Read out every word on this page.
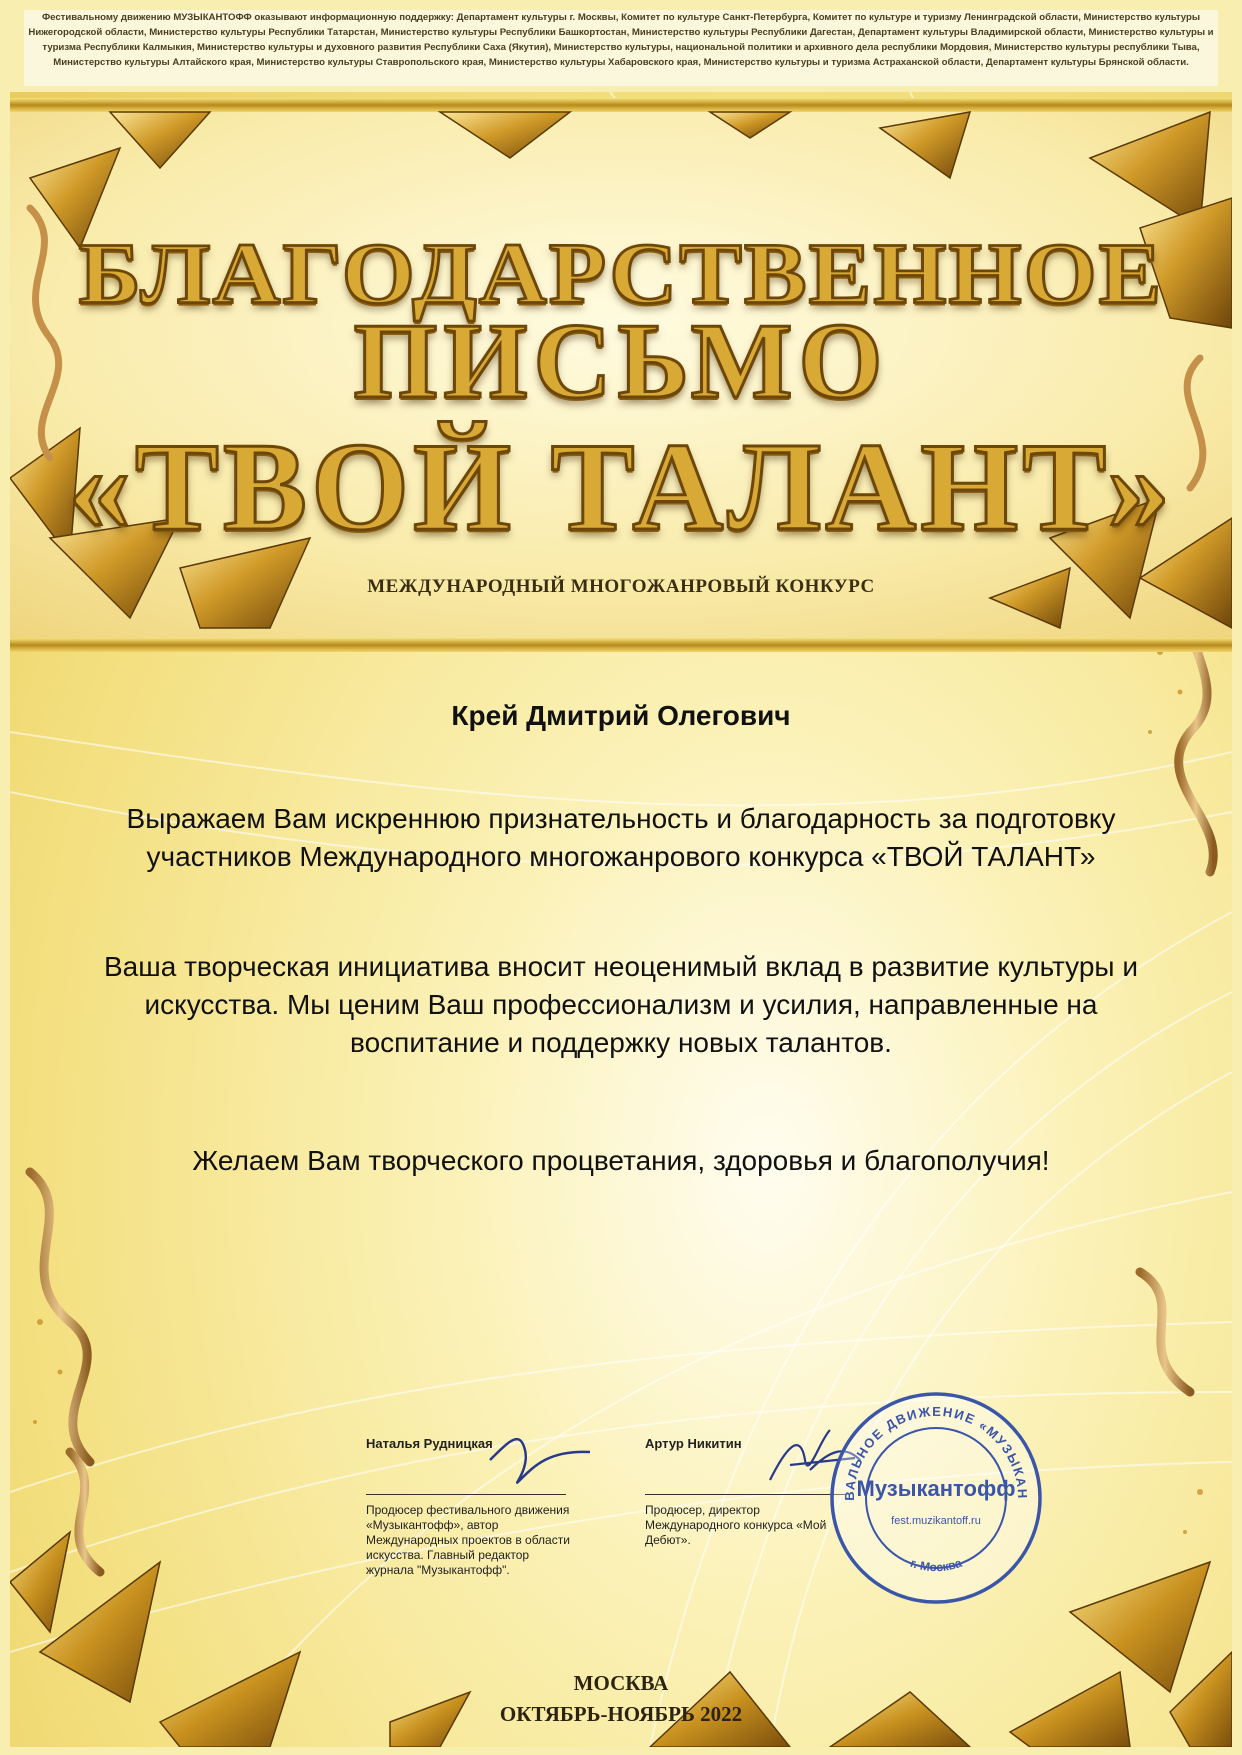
Фестивальному движению МУЗЫКАНТОФФ оказывают информационную поддержку: Департамент культуры г. Москвы, Комитет по культуре Санкт-Петербурга, Комитет по культуре и туризму Ленинградской области, Министерство культуры Нижегородской области, Министерство культуры Республики Татарстан, Министерство культуры Республики Башкортостан, Министерство культуры Республики Дагестан, Департамент культуры Владимирской области, Министерство культуры и туризма Республики Калмыкия, Министерство культуры и духовного развития Республики Саха (Якутия), Министерство культуры, национальной политики и архивного дела республики Мордовия, Министерство культуры республики Тыва, Министерство культуры Алтайского края, Министерство культуры Ставропольского края, Министерство культуры Хабаровского края, Министерство культуры и туризма Астраханской области, Департамент культуры Брянской области.
БЛАГОДАРСТВЕННОЕ
ПИСЬМО
«ТВОЙ ТАЛАНТ»
МЕЖДУНАРОДНЫЙ МНОГОЖАНРОВЫЙ КОНКУРС
Крей Дмитрий Олегович
Выражаем Вам искреннюю признательность и благодарность за подготовку участников Международного многожанрового конкурса «ТВОЙ ТАЛАНТ»
Ваша творческая инициатива вносит неоценимый вклад в развитие культуры и искусства. Мы ценим Ваш профессионализм и усилия, направленные на воспитание и поддержку новых талантов.
Желаем Вам творческого процветания, здоровья и благополучия!
Наталья Рудницкая
Продюсер фестивального движения «Музыкантофф», автор Международных проектов в области искусства. Главный редактор журнала "Музыкантофф".
Артур Никитин
Продюсер, директор Международного конкурса «Мой Дебют».
ВАЛЬНОЕ ДВИЖЕНИЕ «МУЗЫКАН
г. Москва
Музыкантофф
fest.muzikantoff.ru
МОСКВА
ОКТЯБРЬ-НОЯБРЬ 2022
